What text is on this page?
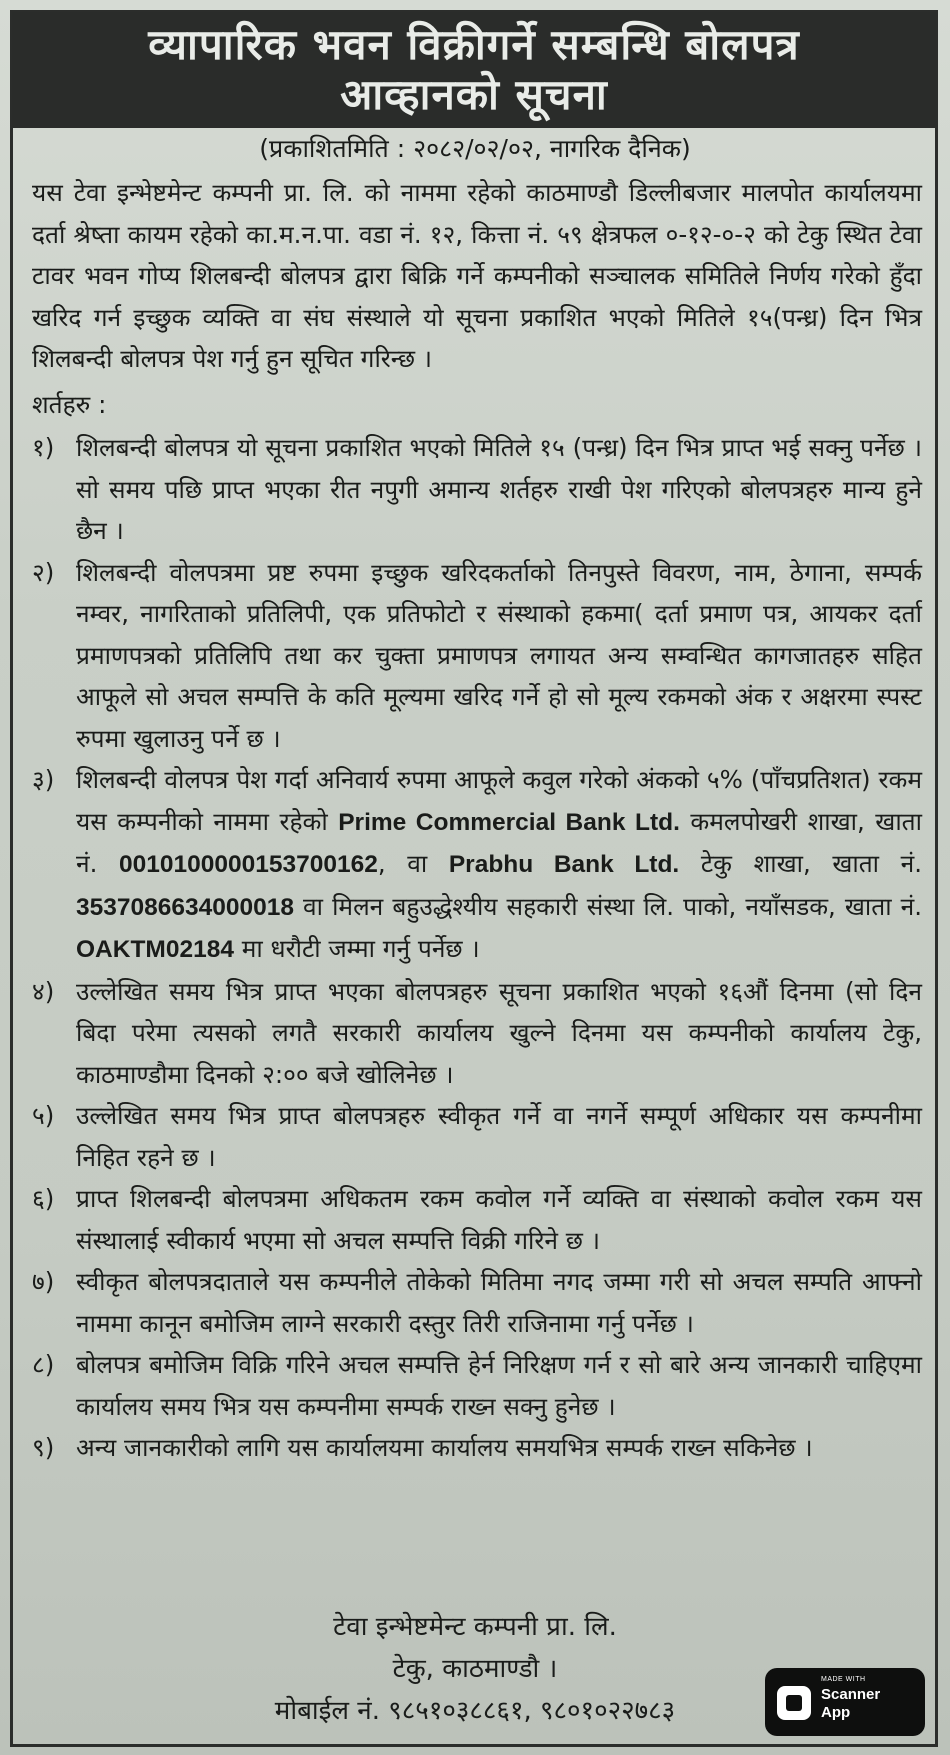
व्यापारिक भवन विक्रीगर्ने सम्बन्धि बोलपत्र
आव्हानको सूचना
(प्रकाशितमिति : २०८२/०२/०२, नागरिक दैनिक)

यस टेवा इन्भेष्टमेन्ट कम्पनी प्रा. लि. को नाममा रहेको काठमाण्डौ डिल्लीबजार मालपोत कार्यालयमा दर्ता श्रेष्ता कायम रहेको का.म.न.पा. वडा नं. १२, कित्ता नं. ५९ क्षेत्रफल ०-१२-०-२ को टेकु स्थित टेवा टावर भवन गोप्य शिलबन्दी बोलपत्र द्वारा बिक्रि गर्ने कम्पनीको सञ्चालक समितिले निर्णय गरेको हुँदा खरिद गर्न इच्छुक व्यक्ति वा संघ संस्थाले यो सूचना प्रकाशित भएको मितिले १५(पन्ध्र) दिन भित्र शिलबन्दी बोलपत्र पेश गर्नु हुन सूचित गरिन्छ ।

शर्तहरु :

१) शिलबन्दी बोलपत्र यो सूचना प्रकाशित भएको मितिले १५ (पन्ध्र) दिन भित्र प्राप्त भई सक्नु पर्नेछ । सो समय पछि प्राप्त भएका रीत नपुगी अमान्य शर्तहरु राखी पेश गरिएको बोलपत्रहरु मान्य हुने छैन ।
२) शिलबन्दी वोलपत्रमा प्रष्ट रुपमा इच्छुक खरिदकर्ताको तिनपुस्ते विवरण, नाम, ठेगाना, सम्पर्क नम्वर, नागरिताको प्रतिलिपी, एक प्रतिफोटो र संस्थाको हकमा( दर्ता प्रमाण पत्र, आयकर दर्ता प्रमाणपत्रको प्रतिलिपि तथा कर चुक्ता प्रमाणपत्र लगायत अन्य सम्वन्धित कागजातहरु सहित आफूले सो अचल सम्पत्ति के कति मूल्यमा खरिद गर्ने हो सो मूल्य रकमको अंक र अक्षरमा स्पस्ट रुपमा खुलाउनु पर्ने छ ।
३) शिलबन्दी वोलपत्र पेश गर्दा अनिवार्य रुपमा आफूले कवुल गरेको अंकको ५% (पाँचप्रतिशत) रकम यस कम्पनीको नाममा रहेको Prime Commercial Bank Ltd. कमलपोखरी शाखा, खाता नं. 0010100000153700162, वा Prabhu Bank Ltd. टेकु शाखा, खाता नं. 3537086634000018 वा मिलन बहुउद्धेश्यीय सहकारी संस्था लि. पाको, नयाँसडक, खाता नं. OAKTM02184 मा धरौटी जम्मा गर्नु पर्नेछ ।
४) उल्लेखित समय भित्र प्राप्त भएका बोलपत्रहरु सूचना प्रकाशित भएको १६औं दिनमा (सो दिन बिदा परेमा त्यसको लगतै सरकारी कार्यालय खुल्ने दिनमा यस कम्पनीको कार्यालय टेकु, काठमाण्डौमा दिनको २:०० बजे खोलिनेछ ।
५) उल्लेखित समय भित्र प्राप्त बोलपत्रहरु स्वीकृत गर्ने वा नगर्ने सम्पूर्ण अधिकार यस कम्पनीमा निहित रहने छ ।
६) प्राप्त शिलबन्दी बोलपत्रमा अधिकतम रकम कवोल गर्ने व्यक्ति वा संस्थाको कवोल रकम यस संस्थालाई स्वीकार्य भएमा सो अचल सम्पत्ति विक्री गरिने छ ।
७) स्वीकृत बोलपत्रदाताले यस कम्पनीले तोकेको मितिमा नगद जम्मा गरी सो अचल सम्पति आफ्नो नाममा कानून बमोजिम लाग्ने सरकारी दस्तुर तिरी राजिनामा गर्नु पर्नेछ ।
८) बोलपत्र बमोजिम विक्रि गरिने अचल सम्पत्ति हेर्न निरिक्षण गर्न र सो बारे अन्य जानकारी चाहिएमा कार्यालय समय भित्र यस कम्पनीमा सम्पर्क राख्न सक्नु हुनेछ ।
९) अन्य जानकारीको लागि यस कार्यालयमा कार्यालय समयभित्र सम्पर्क राख्न सकिनेछ ।
टेवा इन्भेष्टमेन्ट कम्पनी प्रा. लि.
टेकु, काठमाण्डौ ।
मोबाईल नं. ९८५१०३८८६१, ९८०१०२२७८३
MADE WITH
Scanner App
